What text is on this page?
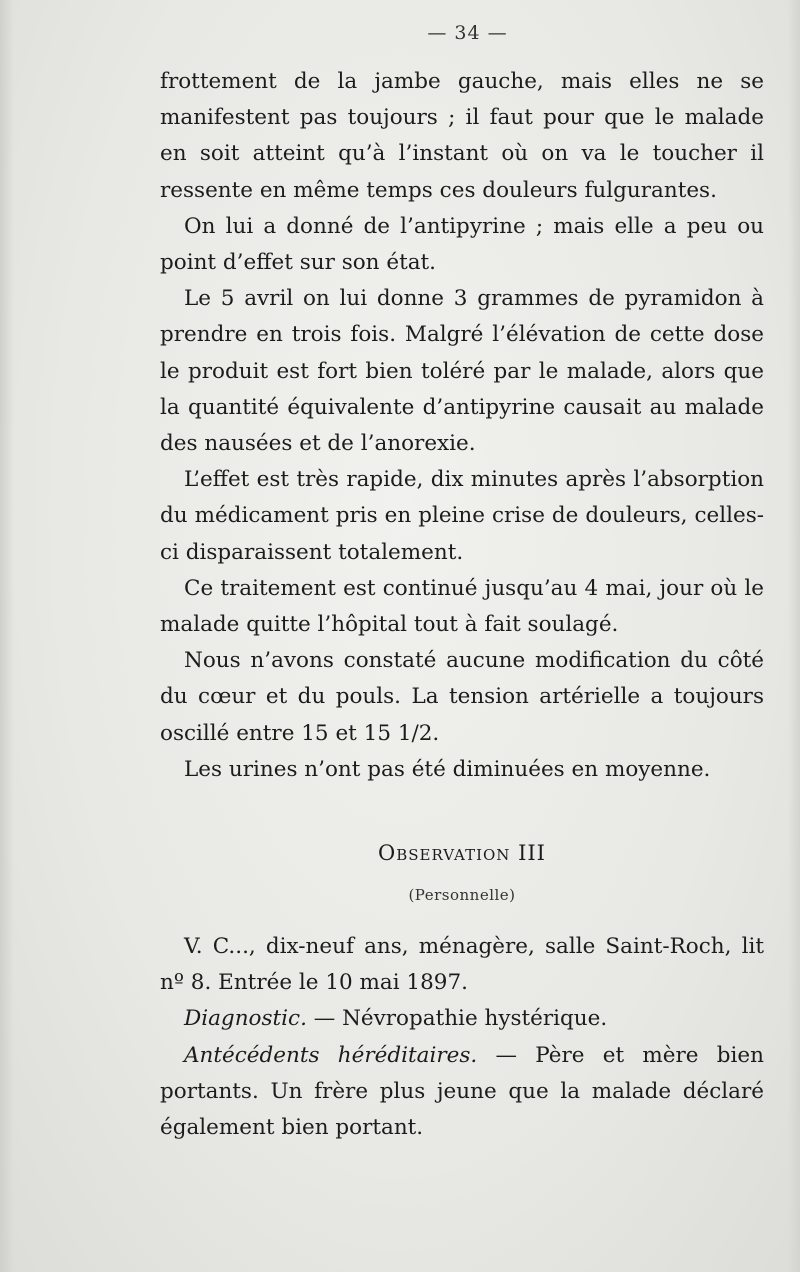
— 34 —

frottement de la jambe gauche, mais elles ne se manifestent pas toujours ; il faut pour que le malade en soit atteint qu’à l’instant où on va le toucher il ressente en même temps ces douleurs fulgurantes.

On lui a donné de l’antipyrine ; mais elle a peu ou point d’effet sur son état.

Le 5 avril on lui donne 3 grammes de pyramidon à prendre en trois fois. Malgré l’élévation de cette dose le produit est fort bien toléré par le malade, alors que la quantité équivalente d’antipyrine causait au malade des nausées et de l’anorexie.

L’effet est très rapide, dix minutes après l’absorption du médicament pris en pleine crise de douleurs, celles-ci disparaissent totalement.

Ce traitement est continué jusqu’au 4 mai, jour où le malade quitte l’hôpital tout à fait soulagé.

Nous n’avons constaté aucune modification du côté du cœur et du pouls. La tension artérielle a toujours oscillé entre 15 et 15 1/2.

Les urines n’ont pas été diminuées en moyenne.

Observation III
(Personnelle)

V. C..., dix-neuf ans, ménagère, salle Saint-Roch, lit nº 8. Entrée le 10 mai 1897.

Diagnostic. — Névropathie hystérique.

Antécédents héréditaires. — Père et mère bien portants. Un frère plus jeune que la malade déclaré également bien portant.
